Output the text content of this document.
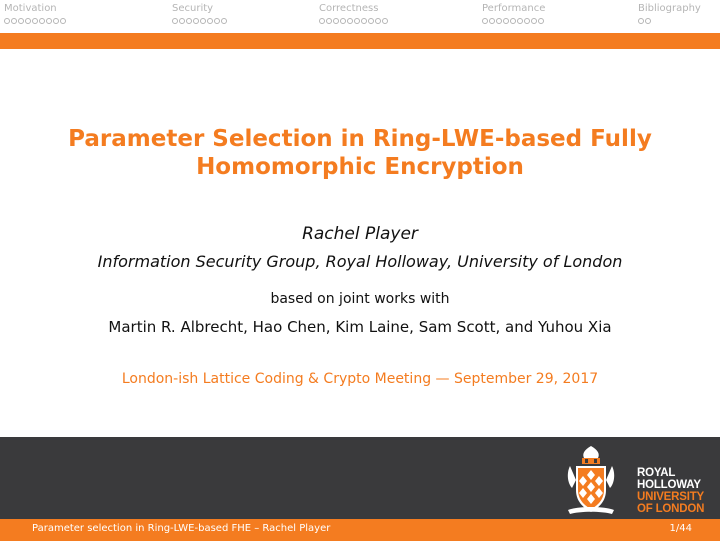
Motivation	Security	Correctness	Performance	Bibliography
Parameter Selection in Ring-LWE-based Fully
Homomorphic Encryption
Rachel Player
Information Security Group, Royal Holloway, University of London
based on joint works with
Martin R. Albrecht, Hao Chen, Kim Laine, Sam Scott, and Yuhou Xia
London-ish Lattice Coding & Crypto Meeting — September 29, 2017
ROYAL
HOLLOWAY
UNIVERSITY
OF LONDON
Parameter selection in Ring-LWE-based FHE – Rachel Player	1/44
